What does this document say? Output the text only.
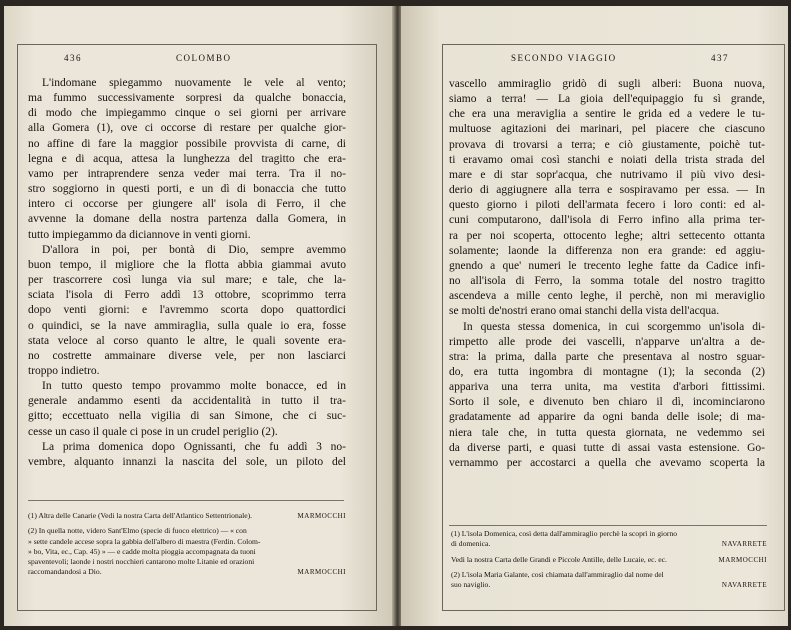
436	COLOMBO
L'indomane spiegammo nuovamente le vele al vento;
ma fummo successivamente sorpresi da qualche bonaccia,
di modo che impiegammo cinque o sei giorni per arrivare
alla Gomera (1), ove ci occorse di restare per qualche gior-
no affine di fare la maggior possibile provvista di carne, di
legna e di acqua, attesa la lunghezza del tragitto che era-
vamo per intraprendere senza veder mai terra. Tra il no-
stro soggiorno in questi porti, e un dì di bonaccia che tutto
intero ci occorse per giungere all' isola di Ferro, il che
avvenne la domane della nostra partenza dalla Gomera, in
tutto impiegammo da diciannove in venti giorni.
D'allora in poi, per bontà di Dio, sempre avemmo
buon tempo, il migliore che la flotta abbia giammai avuto
per trascorrere così lunga via sul mare; e tale, che la-
sciata l'isola di Ferro addì 13 ottobre, scoprimmo terra
dopo venti giorni: e l'avremmo scorta dopo quattordici
o quindici, se la nave ammiraglia, sulla quale io era, fosse
stata veloce al corso quanto le altre, le quali sovente era-
no costrette ammainare diverse vele, per non lasciarci
troppo indietro.
In tutto questo tempo provammo molte bonacce, ed in
generale andammo esenti da accidentalità in tutto il tra-
gitto; eccettuato nella vigilia di san Simone, che ci suc-
cesse un caso il quale ci pose in un crudel periglio (2).
La prima domenica dopo Ognissanti, che fu addì 3 no-
vembre, alquanto innanzi la nascita del sole, un piloto del
(1) Altra delle Canarie (Vedi la nostra Carta dell'Atlantico Settentrionale).	MARMOCCHI
(2) In quella notte, videro Sant'Elmo (specie di fuoco elettrico) — « con
» sette candele accese sopra la gabbia dell'albero di maestra (Ferdin. Colom-
» bo, Vita, ec., Cap. 45) » — e cadde molta pioggia accompagnata da tuoni
spaventevoli; laonde i nostri nocchieri cantarono molte Litanie ed orazioni
raccomandandosi a Dio.	MARMOCCHI
SECONDO VIAGGIO	437
vascello ammiraglio gridò di sugli alberi: Buona nuova,
siamo a terra! — La gioia dell'equipaggio fu sì grande,
che era una meraviglia a sentire le grida ed a vedere le tu-
multuose agitazioni dei marinari, pel piacere che ciascuno
provava di trovarsi a terra; e ciò giustamente, poichè tut-
ti eravamo omai così stanchi e noiati della trista strada del
mare e di star sopr'acqua, che nutrivamo il più vivo desi-
derio di aggiugnere alla terra e sospiravamo per essa. — In
questo giorno i piloti dell'armata fecero i loro conti: ed al-
cuni computarono, dall'isola di Ferro infino alla prima ter-
ra per noi scoperta, ottocento leghe; altri settecento ottanta
solamente; laonde la differenza non era grande: ed aggiu-
gnendo a que' numeri le trecento leghe fatte da Cadice infi-
no all'isola di Ferro, la somma totale del nostro tragitto
ascendeva a mille cento leghe, il perchè, non mi meraviglio
se molti de'nostri erano omai stanchi della vista dell'acqua.
In questa stessa domenica, in cui scorgemmo un'isola di-
rimpetto alle prode dei vascelli, n'apparve un'altra a de-
stra: la prima, dalla parte che presentava al nostro sguar-
do, era tutta ingombra di montagne (1); la seconda (2)
appariva una terra unita, ma vestita d'arbori fittissimi.
Sorto il sole, e divenuto ben chiaro il dì, incominciarono
gradatamente ad apparire da ogni banda delle isole; di ma-
niera tale che, in tutta questa giornata, ne vedemmo sei
da diverse parti, e quasi tutte di assai vasta estensione. Go-
vernammo per accostarci a quella che avevamo scoperta la
(1) L'isola Domenica, così detta dall'ammiraglio perchè la scoprì in giorno
di domenica.	NAVARRETE
Vedi la nostra Carta delle Grandi e Piccole Antille, delle Lucaie, ec. ec.	MARMOCCHI
(2) L'isola Maria Galante, così chiamata dall'ammiraglio dal nome del
suo naviglio.	NAVARRETE
